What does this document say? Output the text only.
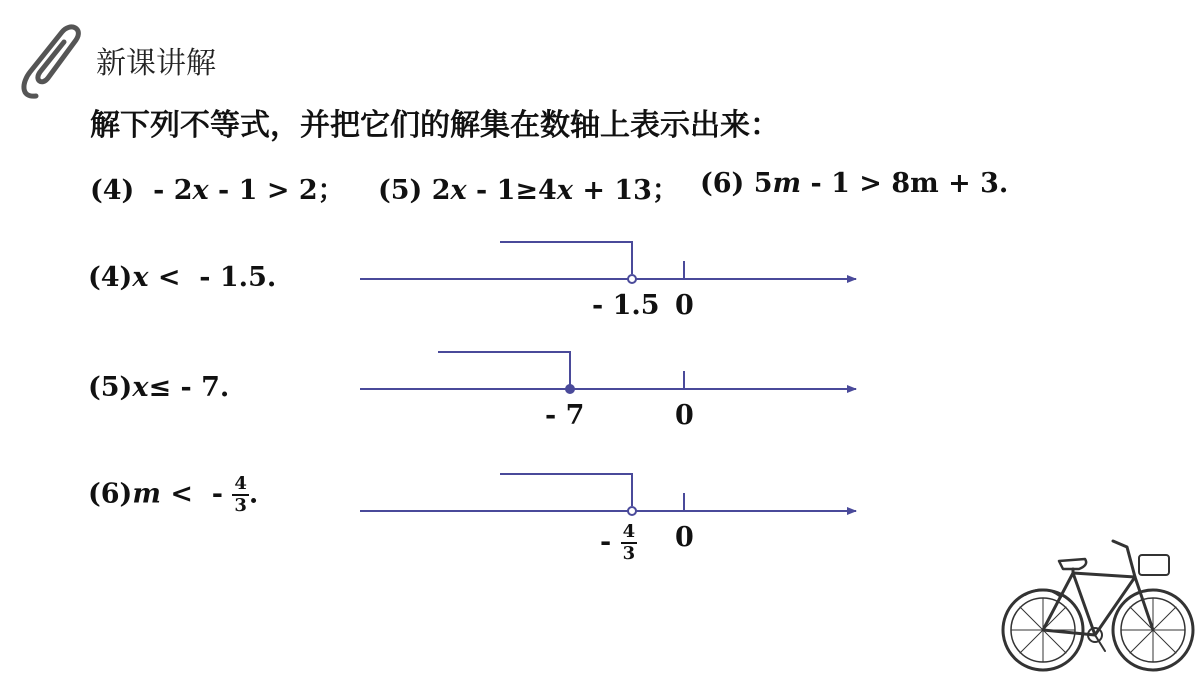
新课讲解
解下列不等式，并把它们的解集在数轴上表示出来：
(4)  - 2x - 1 > 2； (5) 2x - 1≥4x + 13； (6) 5m - 1 > 8m + 3.
(4)x <  - 1.5.
(5)x≤ - 7.
(6)m <  - $\frac{4}{3}$ .
- 1.5 0
- 7	0
- $\frac{4}{3} 0$
